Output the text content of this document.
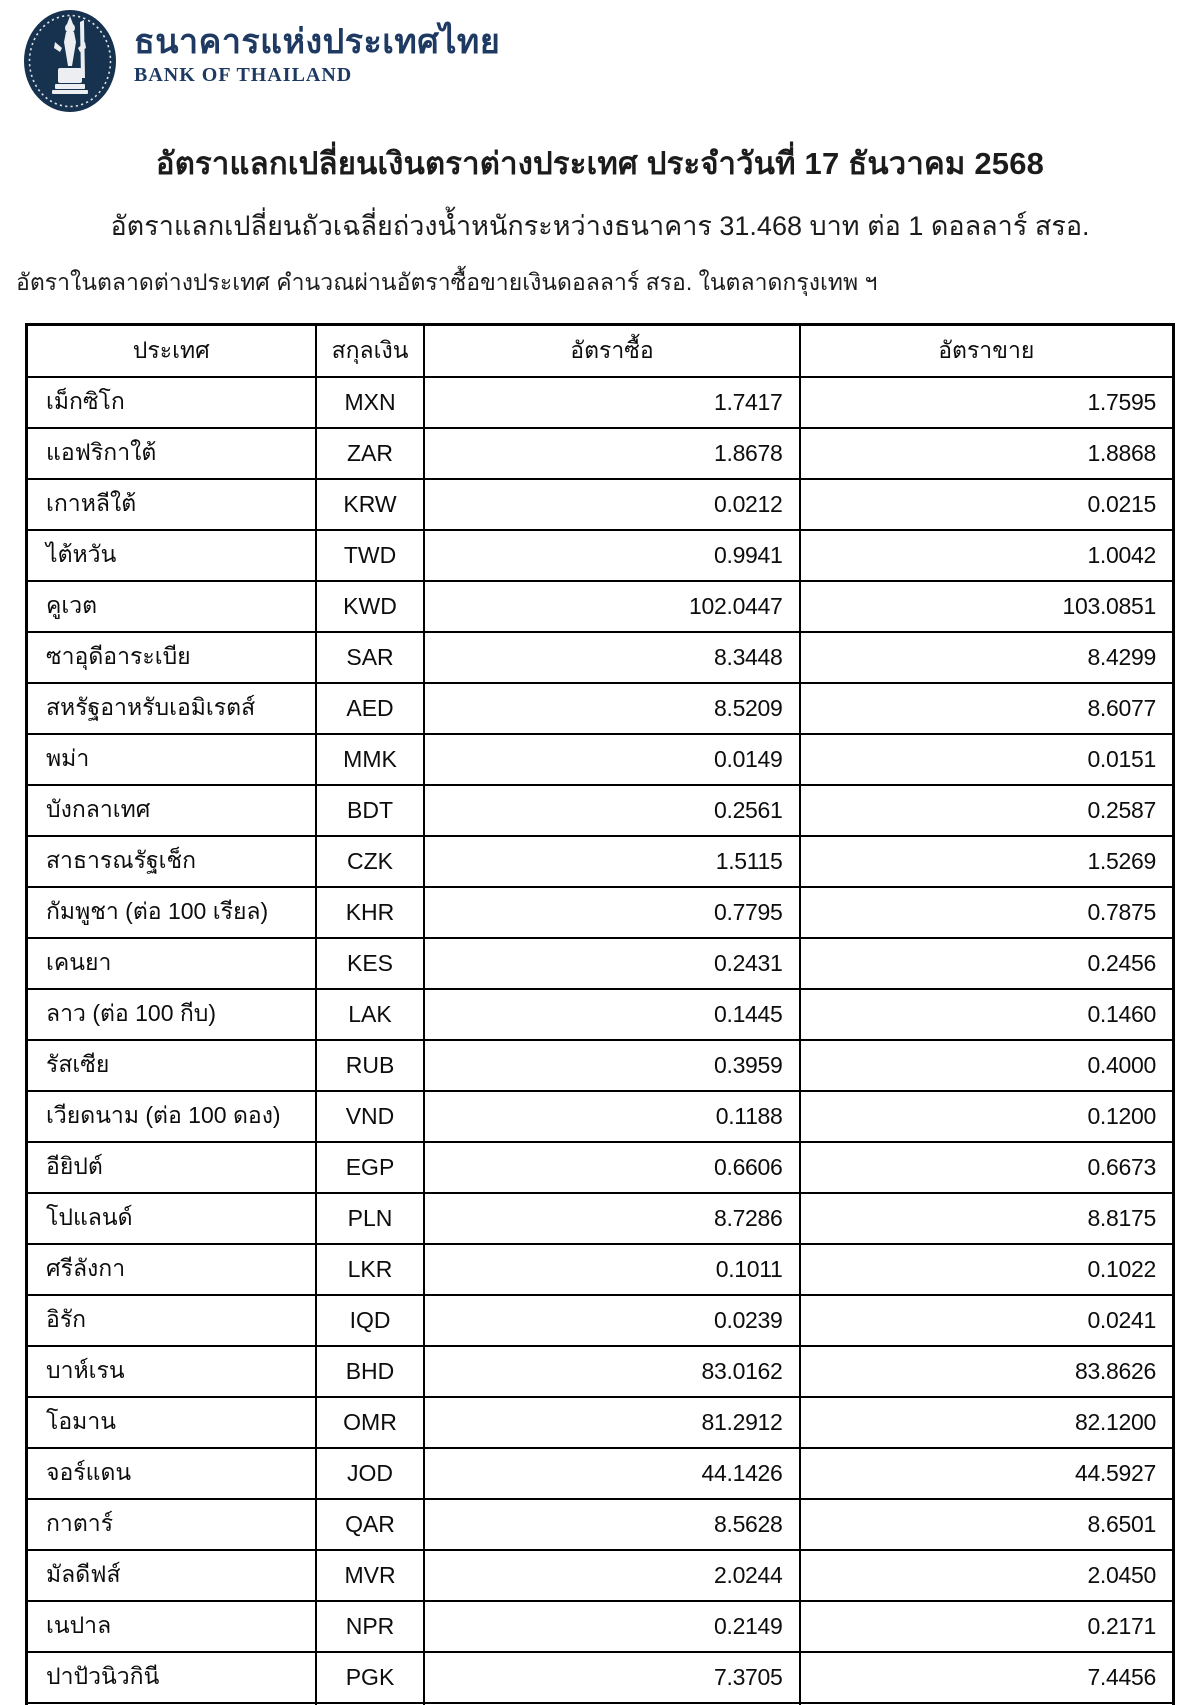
ธนาคารแห่งประเทศไทย
BANK OF THAILAND
อัตราแลกเปลี่ยนเงินตราต่างประเทศ ประจำวันที่ 17 ธันวาคม 2568
อัตราแลกเปลี่ยนถัวเฉลี่ยถ่วงน้ำหนักระหว่างธนาคาร 31.468 บาท ต่อ 1 ดอลลาร์ สรอ.
อัตราในตลาดต่างประเทศ คำนวณผ่านอัตราซื้อขายเงินดอลลาร์ สรอ. ในตลาดกรุงเทพ ฯ
ประเทศ	สกุลเงิน	อัตราซื้อ	อัตราขาย
เม็กซิโก	MXN	1.7417	1.7595
แอฟริกาใต้	ZAR	1.8678	1.8868
เกาหลีใต้	KRW	0.0212	0.0215
ไต้หวัน	TWD	0.9941	1.0042
คูเวต	KWD	102.0447	103.0851
ซาอุดีอาระเบีย	SAR	8.3448	8.4299
สหรัฐอาหรับเอมิเรตส์	AED	8.5209	8.6077
พม่า	MMK	0.0149	0.0151
บังกลาเทศ	BDT	0.2561	0.2587
สาธารณรัฐเช็ก	CZK	1.5115	1.5269
กัมพูชา (ต่อ 100 เรียล)	KHR	0.7795	0.7875
เคนยา	KES	0.2431	0.2456
ลาว (ต่อ 100 กีบ)	LAK	0.1445	0.1460
รัสเซีย	RUB	0.3959	0.4000
เวียดนาม (ต่อ 100 ดอง)	VND	0.1188	0.1200
อียิปต์	EGP	0.6606	0.6673
โปแลนด์	PLN	8.7286	8.8175
ศรีลังกา	LKR	0.1011	0.1022
อิรัก	IQD	0.0239	0.0241
บาห์เรน	BHD	83.0162	83.8626
โอมาน	OMR	81.2912	82.1200
จอร์แดน	JOD	44.1426	44.5927
กาตาร์	QAR	8.5628	8.6501
มัลดีฟส์	MVR	2.0244	2.0450
เนปาล	NPR	0.2149	0.2171
ปาปัวนิวกินี	PGK	7.3705	7.4456
